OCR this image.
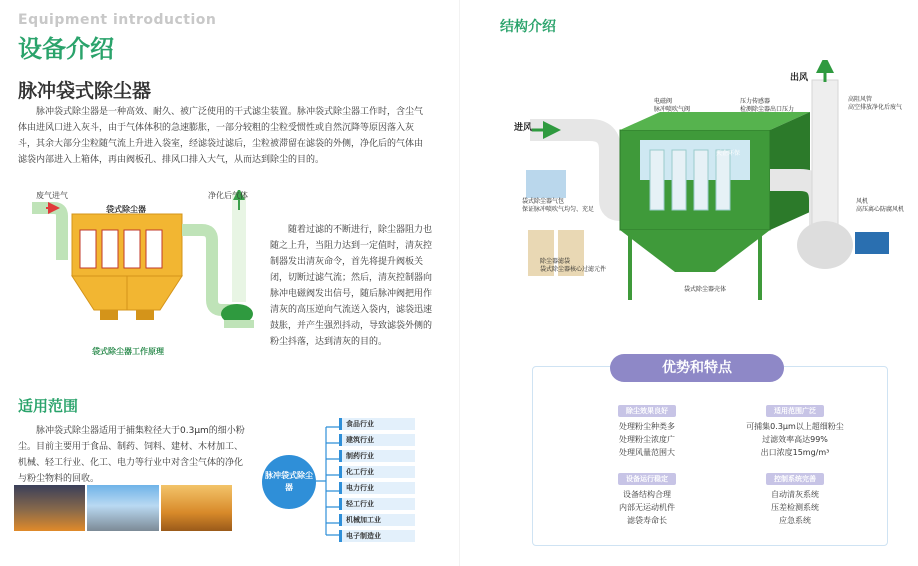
Equipment introduction
设备介绍
脉冲袋式除尘器

脉冲袋式除尘器是一种高效、耐久、被广泛使用的干式滤尘装置。脉冲袋式除尘器工作时，含尘气体由进风口进入灰斗，由于气体体积的急速膨胀，一部分较粗的尘粒受惯性或自然沉降等原因落入灰斗，其余大部分尘粒随气流上升进入袋室，经滤袋过滤后，尘粒被滞留在滤袋的外侧，净化后的气体由滤袋内部进入上箱体，再由阀板孔、排风口排入大气，从而达到除尘的目的。

废气进气
袋式除尘器
净化后气体
袋式除尘器工作原理

随着过滤的不断进行，除尘器阻力也随之上升，当阻力达到一定值时，清灰控制器发出清灰命令，首先将提升阀板关闭，切断过滤气流；然后，清灰控制器向脉冲电磁阀发出信号，随后脉冲阀把用作清灰的高压逆向气流送入袋内，滤袋迅速鼓胀，并产生强烈抖动，导致滤袋外侧的粉尘抖落，达到清灰的目的。

适用范围

脉冲袋式除尘器适用于捕集粒径大于0.3μm的细小粉尘。目前主要用于食品、制药、饲料、建材、木材加工、机械、轻工行业、化工、电力等行业中对含尘气体的净化与粉尘物料的回收。	脉冲袋式除尘器
食品行业
建筑行业
制药行业
化工行业
电力行业
轻工行业
机械加工业
电子制造业
结构介绍
进风
出风
电磁阀
脉冲喷吹气阀
压力传感器
检测除尘器出口压力
高阻风管
高空排放净化后废气
袋式除尘器气包
保证脉冲喷吹气均匀、充足
除尘器滤袋
袋式除尘器核心过滤元件
风机
高压离心防腐风机
袋式除尘器壳体
天企环保
优势和特点
除尘效果良好
处理粉尘种类多
处理粉尘浓度广
处理风量范围大
适用范围广泛
可捕集0.3μm以上超细粉尘
过滤效率高达99%
出口浓度15mg/m³
设备运行稳定
设备结构合理
内部无运动机件
滤袋寿命长
控制系统完善
自动清灰系统
压差检测系统
应急系统
